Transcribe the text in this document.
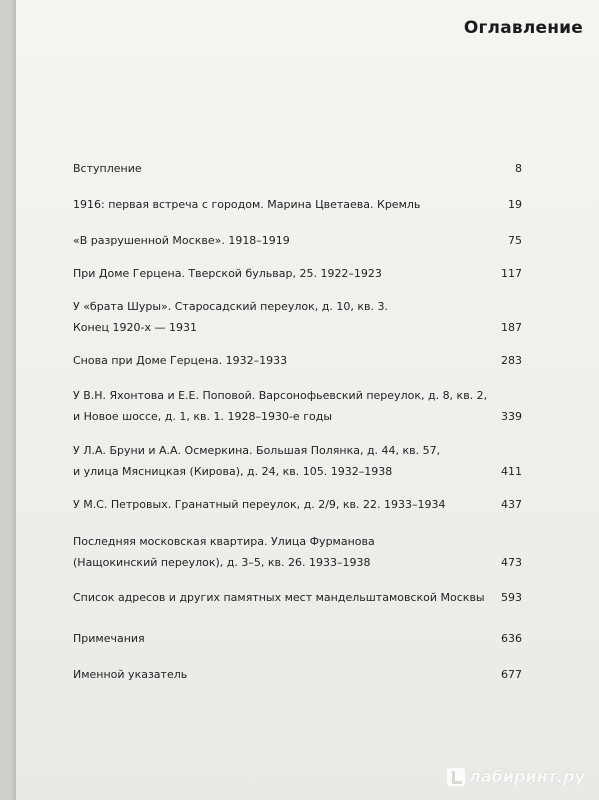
Оглавление
Вступление	8
1916: первая встреча с городом. Марина Цветаева. Кремль	19
«В разрушенной Москве». 1918–1919	75
При Доме Герцена. Тверской бульвар, 25. 1922–1923	117
У «брата Шуры». Старосадский переулок, д. 10, кв. 3.
Конец 1920-х — 1931	187
Снова при Доме Герцена. 1932–1933	283
У В.Н. Яхонтова и Е.Е. Поповой. Варсонофьевский переулок, д. 8, кв. 2,
и Новое шоссе, д. 1, кв. 1. 1928–1930-е годы	339
У Л.А. Бруни и А.А. Осмеркина. Большая Полянка, д. 44, кв. 57,
и улица Мясницкая (Кирова), д. 24, кв. 105. 1932–1938	411
У М.С. Петровых. Гранатный переулок, д. 2/9, кв. 22. 1933–1934	437
Последняя московская квартира. Улица Фурманова
(Нащокинский переулок), д. 3–5, кв. 26. 1933–1938	473
Список адресов и других памятных мест мандельштамовской Москвы 593
Примечания	636
Именной указатель	677
лабиринт.ру
